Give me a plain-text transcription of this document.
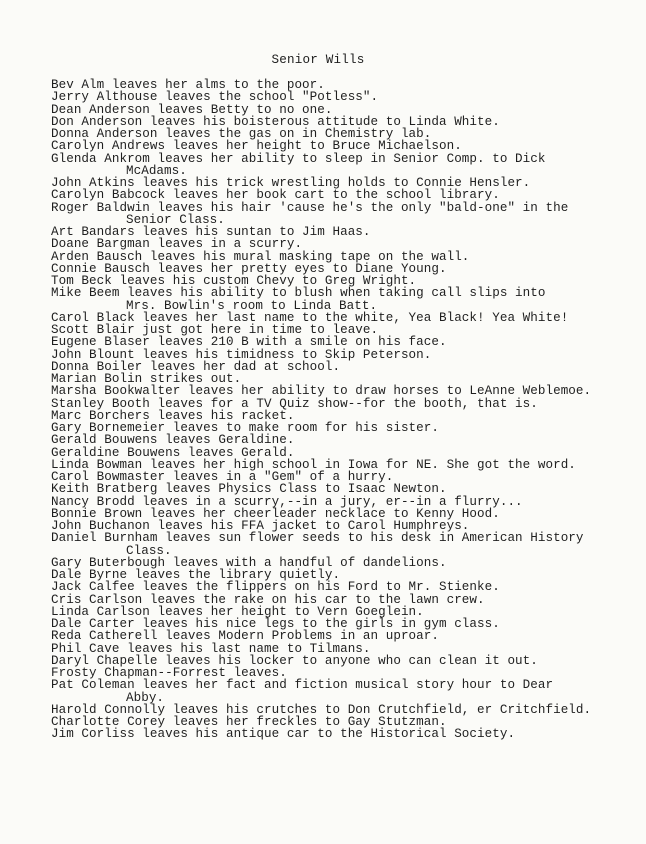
Senior Wills
Bev Alm leaves her alms to the poor.
Jerry Althouse leaves the school "Potless".
Dean Anderson leaves Betty to no one.
Don Anderson leaves his boisterous attitude to Linda White.
Donna Anderson leaves the gas on in Chemistry lab.
Carolyn Andrews leaves her height to Bruce Michaelson.
Glenda Ankrom leaves her ability to sleep in Senior Comp. to Dick
McAdams.
John Atkins leaves his trick wrestling holds to Connie Hensler.
Carolyn Babcock leaves her book cart to the school library.
Roger Baldwin leaves his hair 'cause he's the only "bald-one" in the
Senior Class.
Art Bandars leaves his suntan to Jim Haas.
Doane Bargman leaves in a scurry.
Arden Bausch leaves his mural masking tape on the wall.
Connie Bausch leaves her pretty eyes to Diane Young.
Tom Beck leaves his custom Chevy to Greg Wright.
Mike Beem leaves his ability to blush when taking call slips into
Mrs. Bowlin's room to Linda Batt.
Carol Black leaves her last name to the white, Yea Black! Yea White!
Scott Blair just got here in time to leave.
Eugene Blaser leaves 210 B with a smile on his face.
John Blount leaves his timidness to Skip Peterson.
Donna Boiler leaves her dad at school.
Marian Bolin strikes out.
Marsha Bookwalter leaves her ability to draw horses to LeAnne Weblemoe.
Stanley Booth leaves for a TV Quiz show--for the booth, that is.
Marc Borchers leaves his racket.
Gary Bornemeier leaves to make room for his sister.
Gerald Bouwens leaves Geraldine.
Geraldine Bouwens leaves Gerald.
Linda Bowman leaves her high school in Iowa for NE. She got the word.
Carol Bowmaster leaves in a "Gem" of a hurry.
Keith Bratberg leaves Physics Class to Isaac Newton.
Nancy Brodd leaves in a scurry,--in a jury, er--in a flurry...
Bonnie Brown leaves her cheerleader necklace to Kenny Hood.
John Buchanon leaves his FFA jacket to Carol Humphreys.
Daniel Burnham leaves sun flower seeds to his desk in American History
Class.
Gary Buterbough leaves with a handful of dandelions.
Dale Byrne leaves the library quietly.
Jack Calfee leaves the flippers on his Ford to Mr. Stienke.
Cris Carlson leaves the rake on his car to the lawn crew.
Linda Carlson leaves her height to Vern Goeglein.
Dale Carter leaves his nice legs to the girls in gym class.
Reda Catherell leaves Modern Problems in an uproar.
Phil Cave leaves his last name to Tilmans.
Daryl Chapelle leaves his locker to anyone who can clean it out.
Frosty Chapman--Forrest leaves.
Pat Coleman leaves her fact and fiction musical story hour to Dear
Abby.
Harold Connolly leaves his crutches to Don Crutchfield, er Critchfield.
Charlotte Corey leaves her freckles to Gay Stutzman.
Jim Corliss leaves his antique car to the Historical Society.
